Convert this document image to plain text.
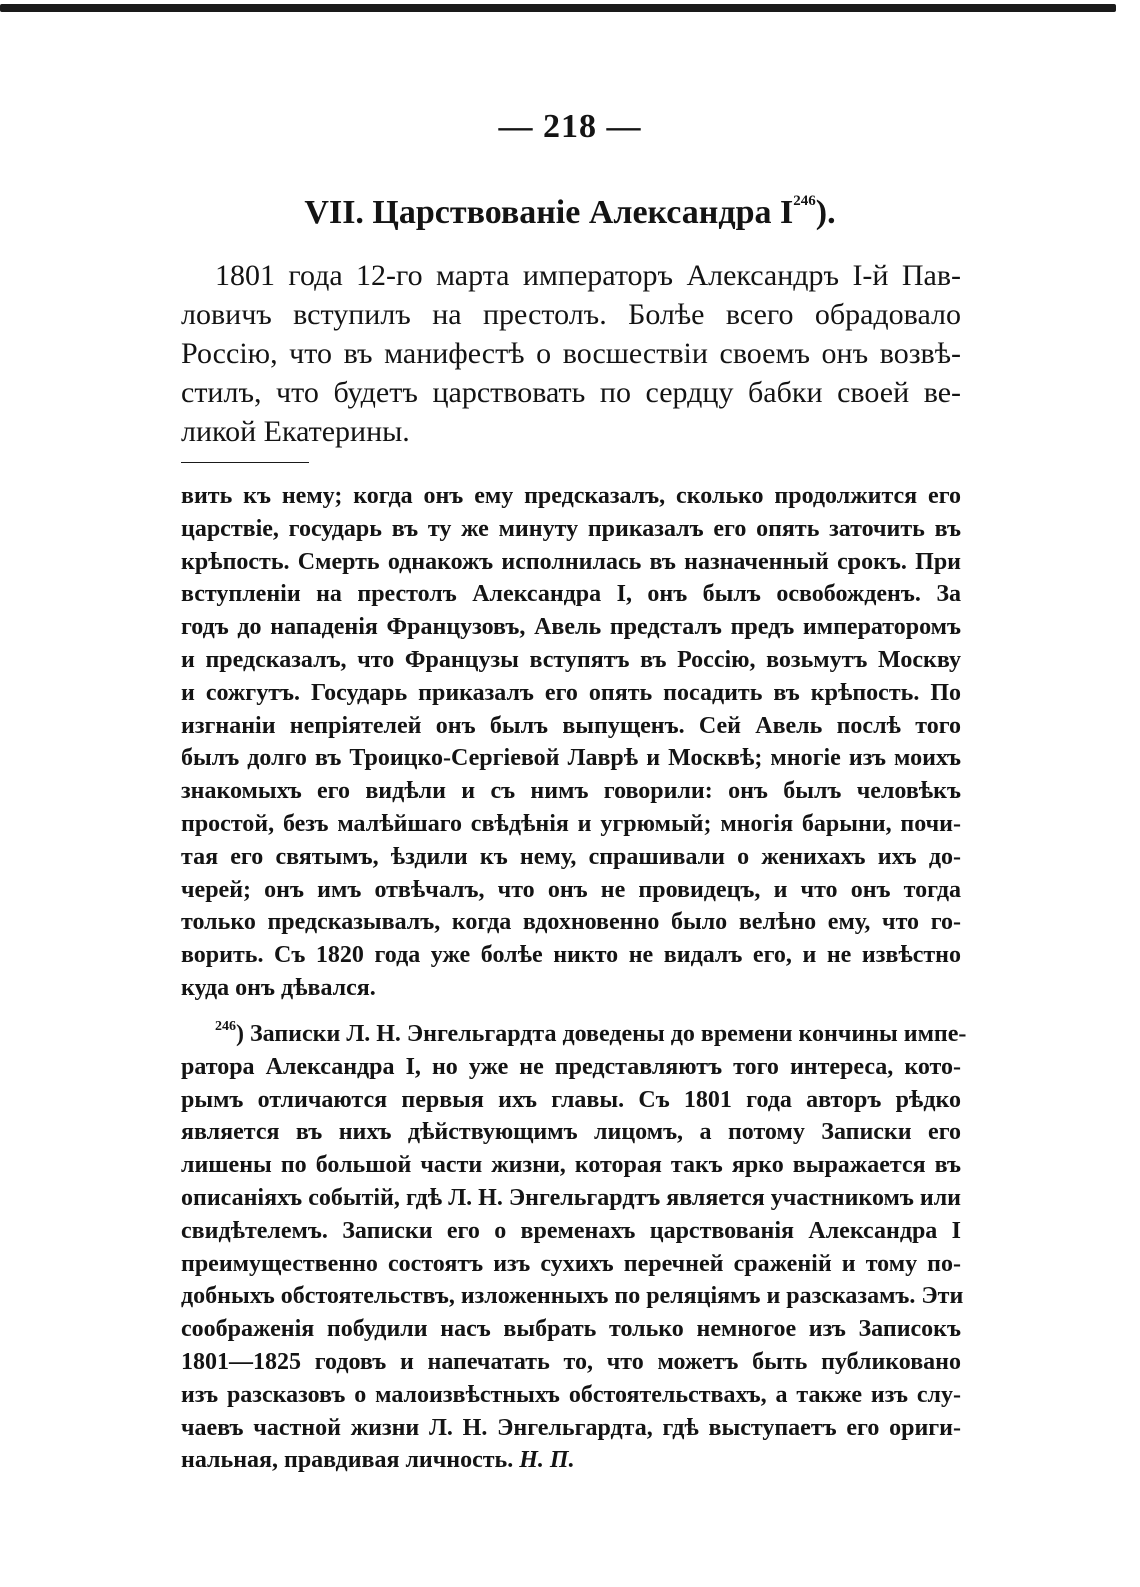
— 218 —
VII. Царствованіе Александра $I^{246}$).
1801 года 12-го марта императоръ Александръ I-й Пав-
ловичъ вступилъ на престолъ. Болѣе всего обрадовало
Россію, что въ манифестѣ о восшествіи своемъ онъ возвѣ-
стилъ, что будетъ царствовать по сердцу бабки своей ве-
ликой Екатерины.
вить къ нему; когда онъ ему предсказалъ, сколько продолжится его
царствіе, государь въ ту же минуту приказалъ его опять заточить въ
крѣпость. Смерть однакожъ исполнилась въ назначенный срокъ. При
вступленіи на престолъ Александра I, онъ былъ освобожденъ. За
годъ до нападенія Французовъ, Авель предсталъ предъ императоромъ
и предсказалъ, что Французы вступятъ въ Россію, возьмутъ Москву
и сожгутъ. Государь приказалъ его опять посадить въ крѣпость. По
изгнаніи непріятелей онъ былъ выпущенъ. Сей Авель послѣ того
былъ долго въ Троицко-Сергіевой Лаврѣ и Москвѣ; многіе изъ моихъ
знакомыхъ его видѣли и съ нимъ говорили: онъ былъ человѣкъ
простой, безъ малѣйшаго свѣдѣнія и угрюмый; многія барыни, почи-
тая его святымъ, ѣздили къ нему, спрашивали о женихахъ ихъ до-
черей; онъ имъ отвѣчалъ, что онъ не провидецъ, и что онъ тогда
только предсказывалъ, когда вдохновенно было велѣно ему, что го-
ворить. Съ 1820 года уже болѣе никто не видалъ его, и не извѣстно
куда онъ дѣвался.
$^{246}$) Записки Л. Н. Энгельгардта доведены до времени кончины импе-
ратора Александра I, но уже не представляютъ того интереса, кото-
рымъ отличаются первыя ихъ главы. Съ 1801 года авторъ рѣдко
является въ нихъ дѣйствующимъ лицомъ, а потому Записки его
лишены по большой части жизни, которая такъ ярко выражается въ
описаніяхъ событій, гдѣ Л. Н. Энгельгардтъ является участникомъ или
свидѣтелемъ. Записки его о временахъ царствованія Александра I
преимущественно состоятъ изъ сухихъ перечней сраженій и тому по-
добныхъ обстоятельствъ, изложенныхъ по реляціямъ и разсказамъ. Эти
соображенія побудили насъ выбрать только немногое изъ Записокъ
1801—1825 годовъ и напечатать то, что можетъ быть публиковано
изъ разсказовъ о малоизвѣстныхъ обстоятельствахъ, а также изъ слу-
чаевъ частной жизни Л. Н. Энгельгардта, гдѣ выступаетъ его ориги-
нальная, правдивая личность. Н. П.
